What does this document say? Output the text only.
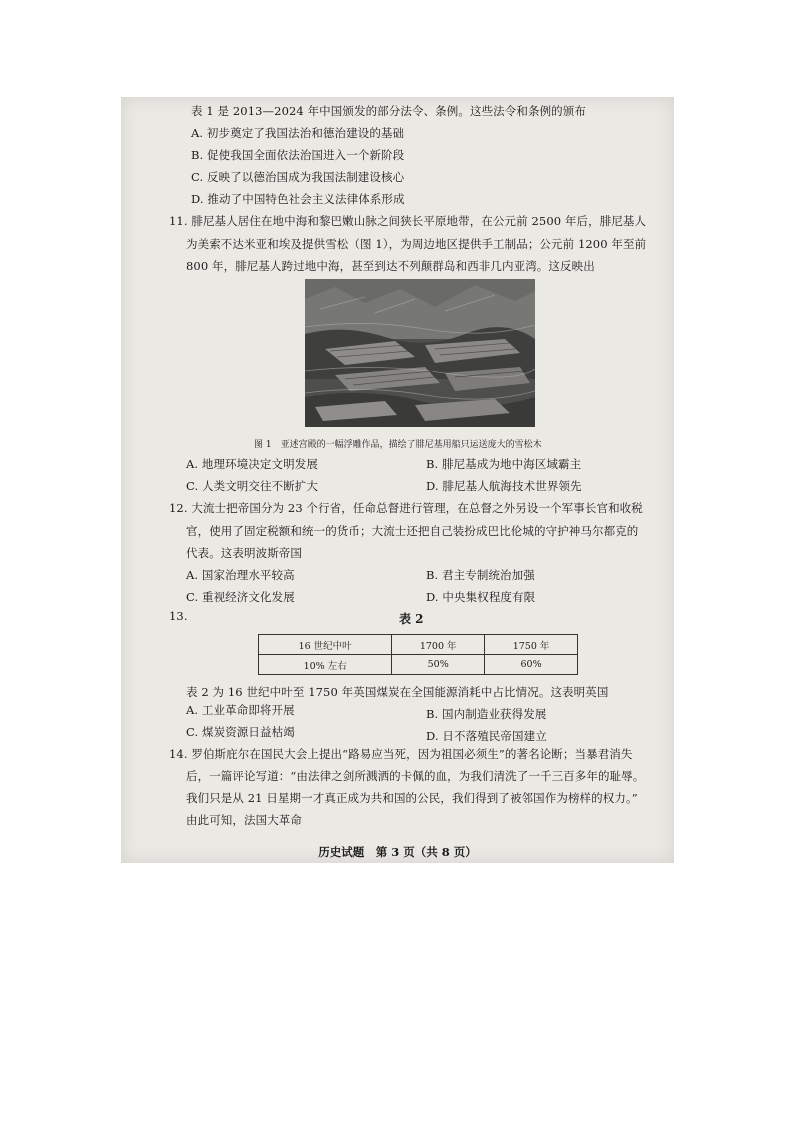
表 1 是 2013—2024 年中国颁发的部分法令、条例。这些法令和条例的颁布
A. 初步奠定了我国法治和德治建设的基础
B. 促使我国全面依法治国进入一个新阶段
C. 反映了以德治国成为我国法制建设核心
D. 推动了中国特色社会主义法律体系形成
11. 腓尼基人居住在地中海和黎巴嫩山脉之间狭长平原地带，在公元前 2500 年后，腓尼基人
为美索不达米亚和埃及提供雪松（图 1），为周边地区提供手工制品；公元前 1200 年至前
800 年，腓尼基人跨过地中海，甚至到达不列颠群岛和西非几内亚湾。这反映出
图 1　亚述宫殿的一幅浮雕作品，描绘了腓尼基用船只运送庞大的雪松木
A. 地理环境决定文明发展	B. 腓尼基成为地中海区域霸主
C. 人类文明交往不断扩大	D. 腓尼基人航海技术世界领先
12. 大流士把帝国分为 23 个行省，任命总督进行管理，在总督之外另设一个军事长官和收税
官，使用了固定税额和统一的货币；大流士还把自己装扮成巴比伦城的守护神马尔都克的
代表。这表明波斯帝国
A. 国家治理水平较高	B. 君主专制统治加强
C. 重视经济文化发展	D. 中央集权程度有限
13.	表 2
16 世纪中叶	1700 年	1750 年
10% 左右	50%	60%
表 2 为 16 世纪中叶至 1750 年英国煤炭在全国能源消耗中占比情况。这表明英国
A. 工业革命即将开展	B. 国内制造业获得发展
C. 煤炭资源日益枯竭	D. 日不落殖民帝国建立
14. 罗伯斯庇尔在国民大会上提出“路易应当死，因为祖国必须生”的著名论断；当暴君消失
后，一篇评论写道：“由法律之剑所溅洒的卡佩的血，为我们清洗了一千三百多年的耻辱。
我们只是从 21 日星期一才真正成为共和国的公民，我们得到了被邻国作为榜样的权力。”
由此可知，法国大革命
历史试题　第 3 页（共 8 页）
